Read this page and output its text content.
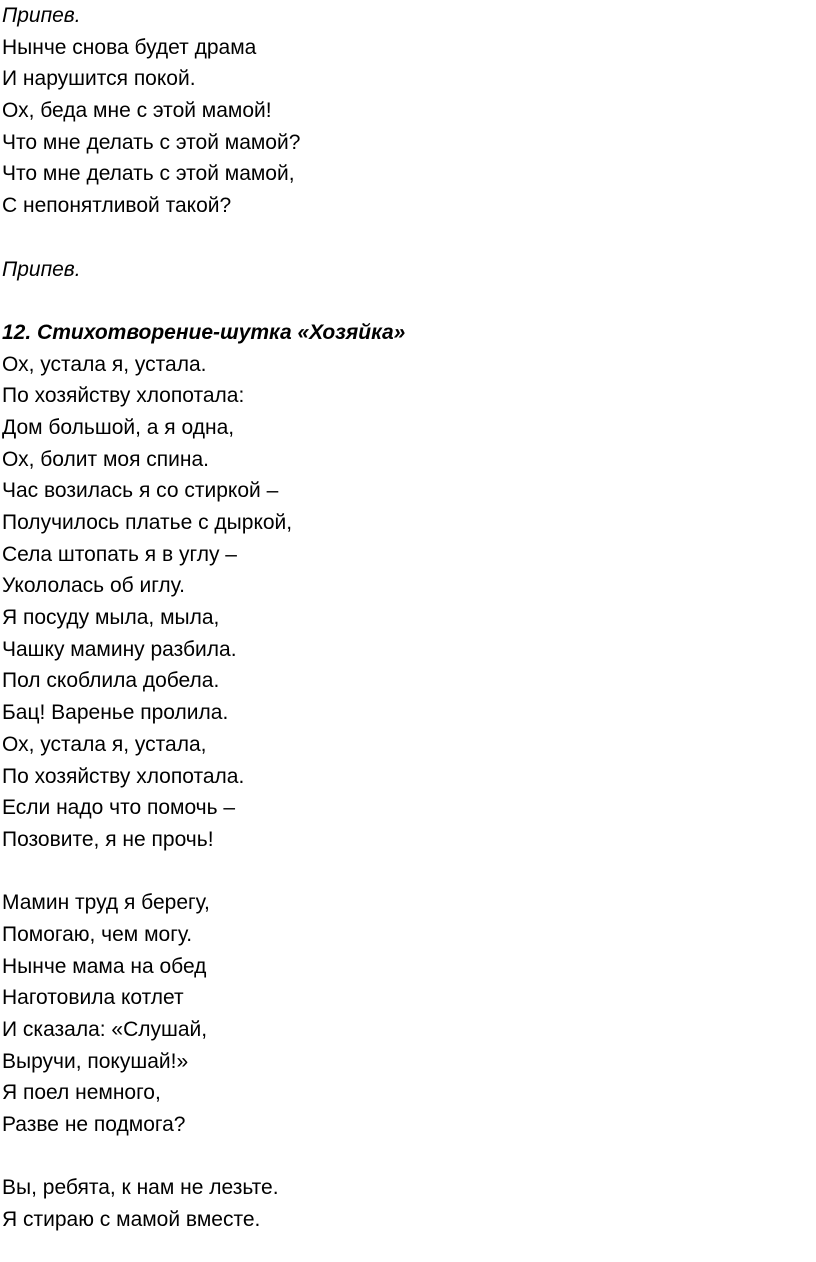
Припев.
Нынче снова будет драма
И нарушится покой.
Ох, беда мне с этой мамой!
Что мне делать с этой мамой?
Что мне делать с этой мамой,
С непонятливой такой?
Припев.
12. Стихотворение-шутка «Хозяйка»
Ох, устала я, устала.
По хозяйству хлопотала:
Дом большой, а я одна,
Ох, болит моя спина.
Час возилась я со стиркой –
Получилось платье с дыркой,
Села штопать я в углу –
Укололась об иглу.
Я посуду мыла, мыла,
Чашку мамину разбила.
Пол скоблила добела.
Бац! Варенье пролила.
Ох, устала я, устала,
По хозяйству хлопотала.
Если надо что помочь –
Позовите, я не прочь!
Мамин труд я берегу,
Помогаю, чем могу.
Нынче мама на обед
Наготовила котлет
И сказала: «Слушай,
Выручи, покушай!»
Я поел немного,
Разве не подмога?
Вы, ребята, к нам не лезьте.
Я стираю с мамой вместе.
